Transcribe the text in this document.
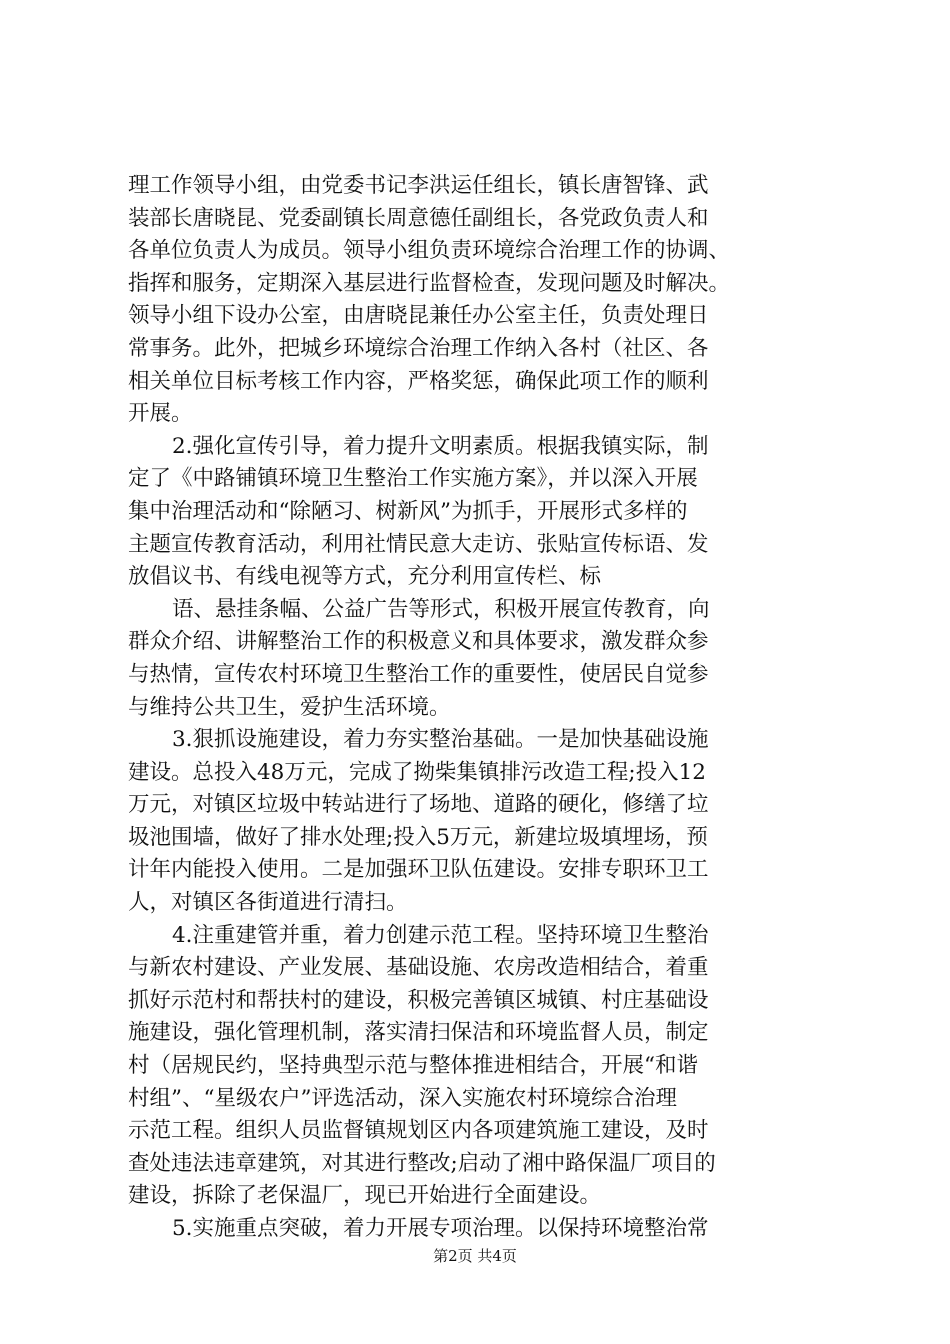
理工作领导小组，由党委书记李洪运任组长，镇长唐智锋、武
装部长唐晓昆、党委副镇长周意德任副组长，各党政负责人和
各单位负责人为成员。领导小组负责环境综合治理工作的协调、
指挥和服务，定期深入基层进行监督检查，发现问题及时解决。
领导小组下设办公室，由唐晓昆兼任办公室主任，负责处理日
常事务。此外，把城乡环境综合治理工作纳入各村（社区、各
相关单位目标考核工作内容，严格奖惩，确保此项工作的顺利
开展。
2.强化宣传引导，着力提升文明素质。根据我镇实际，制
定了《中路铺镇环境卫生整治工作实施方案》，并以深入开展
集中治理活动和“除陋习、树新风”为抓手，开展形式多样的
主题宣传教育活动，利用社情民意大走访、张贴宣传标语、发
放倡议书、有线电视等方式，充分利用宣传栏、标
语、悬挂条幅、公益广告等形式，积极开展宣传教育，向
群众介绍、讲解整治工作的积极意义和具体要求，激发群众参
与热情，宣传农村环境卫生整治工作的重要性，使居民自觉参
与维持公共卫生，爱护生活环境。
3.狠抓设施建设，着力夯实整治基础。一是加快基础设施
建设。总投入48万元，完成了拗柴集镇排污改造工程;投入12
万元，对镇区垃圾中转站进行了场地、道路的硬化，修缮了垃
圾池围墙，做好了排水处理;投入5万元，新建垃圾填埋场，预
计年内能投入使用。二是加强环卫队伍建设。安排专职环卫工
人，对镇区各街道进行清扫。
4.注重建管并重，着力创建示范工程。坚持环境卫生整治
与新农村建设、产业发展、基础设施、农房改造相结合，着重
抓好示范村和帮扶村的建设，积极完善镇区城镇、村庄基础设
施建设，强化管理机制，落实清扫保洁和环境监督人员，制定
村（居规民约，坚持典型示范与整体推进相结合，开展“和谐
村组”、“星级农户”评选活动，深入实施农村环境综合治理
示范工程。组织人员监督镇规划区内各项建筑施工建设，及时
查处违法违章建筑，对其进行整改;启动了湘中路保温厂项目的
建设，拆除了老保温厂，现已开始进行全面建设。
5.实施重点突破，着力开展专项治理。以保持环境整治常
第2页 共4页
